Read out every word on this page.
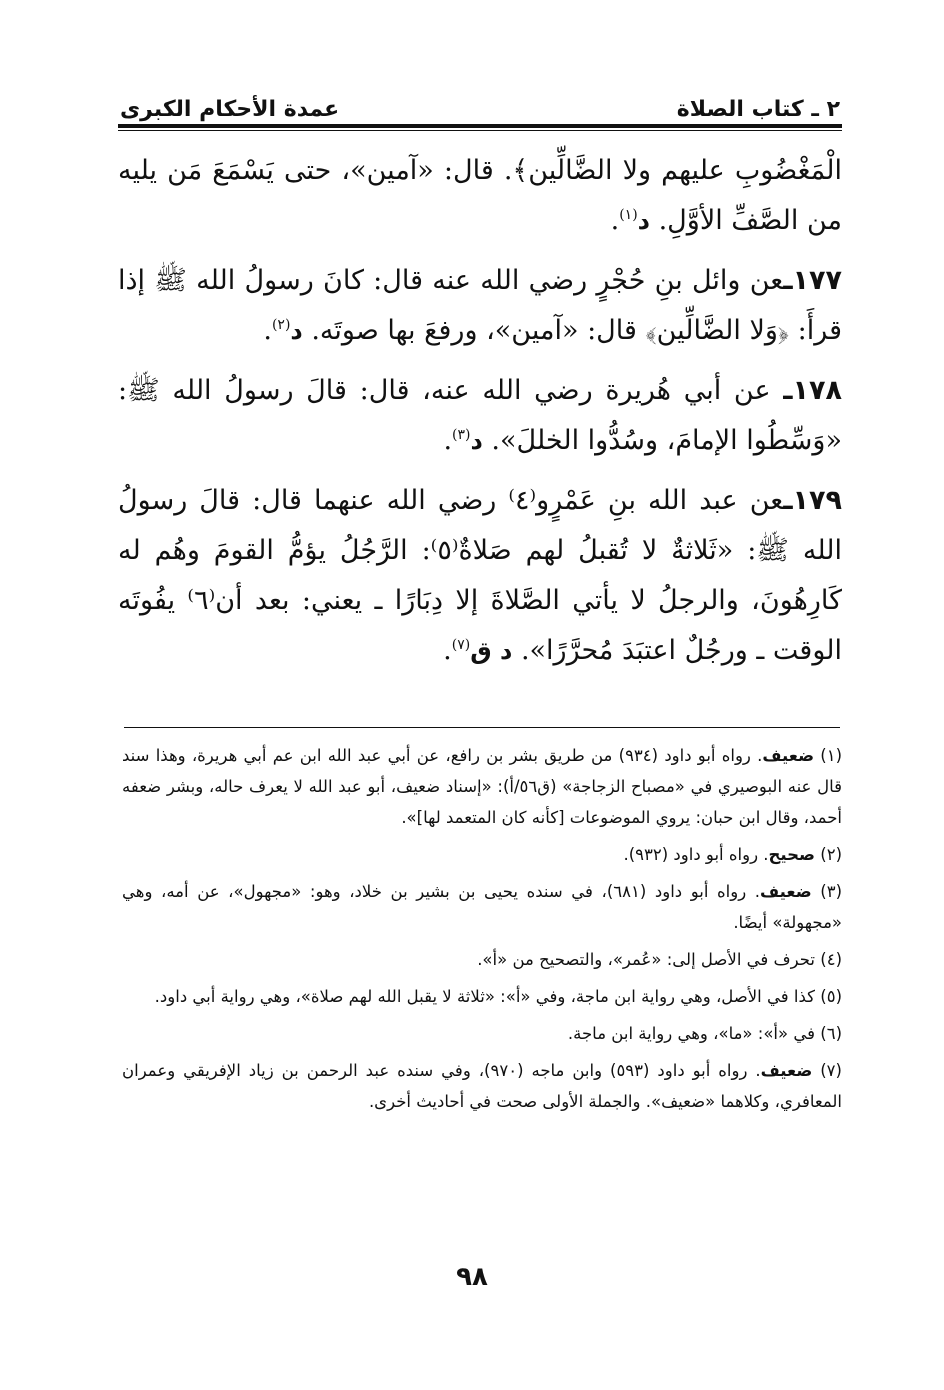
٢ ـ كتاب الصلاة
عمدة الأحكام الكبرى

الْمَغْضُوبِ عليهم ولا الضَّالِّين﴾. قال: «آمين»، حتى يَسْمَعَ مَن يليه من الصَّفِّ الأوَّلِ. د$^{(١)}$.

١٧٧ـعن وائل بنِ حُجْرٍ رضي الله عنه قال: كانَ رسولُ الله ﷺ إذا قرأَ: ﴿وَلا الضَّالِّين﴾ قال: «آمين»، ورفعَ بها صوتَه. د$^{(٢)}$.

١٧٨ـ عن أبي هُريرة رضي الله عنه، قال: قالَ رسولُ الله ﷺ: «وَسِّطُوا الإمامَ، وسُدُّوا الخللَ». د$^{(٣)}$.

١٧٩ـعن عبد الله بنِ عَمْرٍو⁽٤⁾ رضي الله عنهما قال: قالَ رسولُ الله ﷺ: «ثَلاثةٌ لا تُقبلُ لهم صَلاةٌ⁽٥⁾: الرَّجُلُ يؤمُّ القومَ وهُم له كَارِهُونَ، والرجلُ لا يأتي الصَّلاةَ إلا دِبَارًا ـ يعني: بعد أن⁽٦⁾ يفُوتَه الوقت ـ ورجُلٌ اعتبَدَ مُحرَّرًا». د ق$^{(٧)}$.

(١) ضعيف. رواه أبو داود (٩٣٤) من طريق بشر بن رافع، عن أبي عبد الله ابن عم أبي هريرة، وهذا سند قال عنه البوصيري في «مصباح الزجاجة» (ق٥٦/أ): «إسناد ضعيف، أبو عبد الله لا يعرف حاله، وبشر ضعفه أحمد، وقال ابن حبان: يروي الموضوعات [كأنه كان المتعمد لها]».

(٢) صحيح. رواه أبو داود (٩٣٢).

(٣) ضعيف. رواه أبو داود (٦٨١)، في سنده يحيى بن بشير بن خلاد، وهو: «مجهول»، عن أمه، وهي «مجهولة» أيضًا.

(٤) تحرف في الأصل إلى: «عُمر»، والتصحيح من «أ».

(٥) كذا في الأصل، وهي رواية ابن ماجة، وفي «أ»: «ثلاثة لا يقبل الله لهم صلاة»، وهي رواية أبي داود.

(٦) في «أ»: «ما»، وهي رواية ابن ماجة.

(٧) ضعيف. رواه أبو داود (٥٩٣) وابن ماجه (٩٧٠)، وفي سنده عبد الرحمن بن زياد الإفريقي وعمران المعافري، وكلاهما «ضعيف». والجملة الأولى صحت في أحاديث أخرى.

٩٨
